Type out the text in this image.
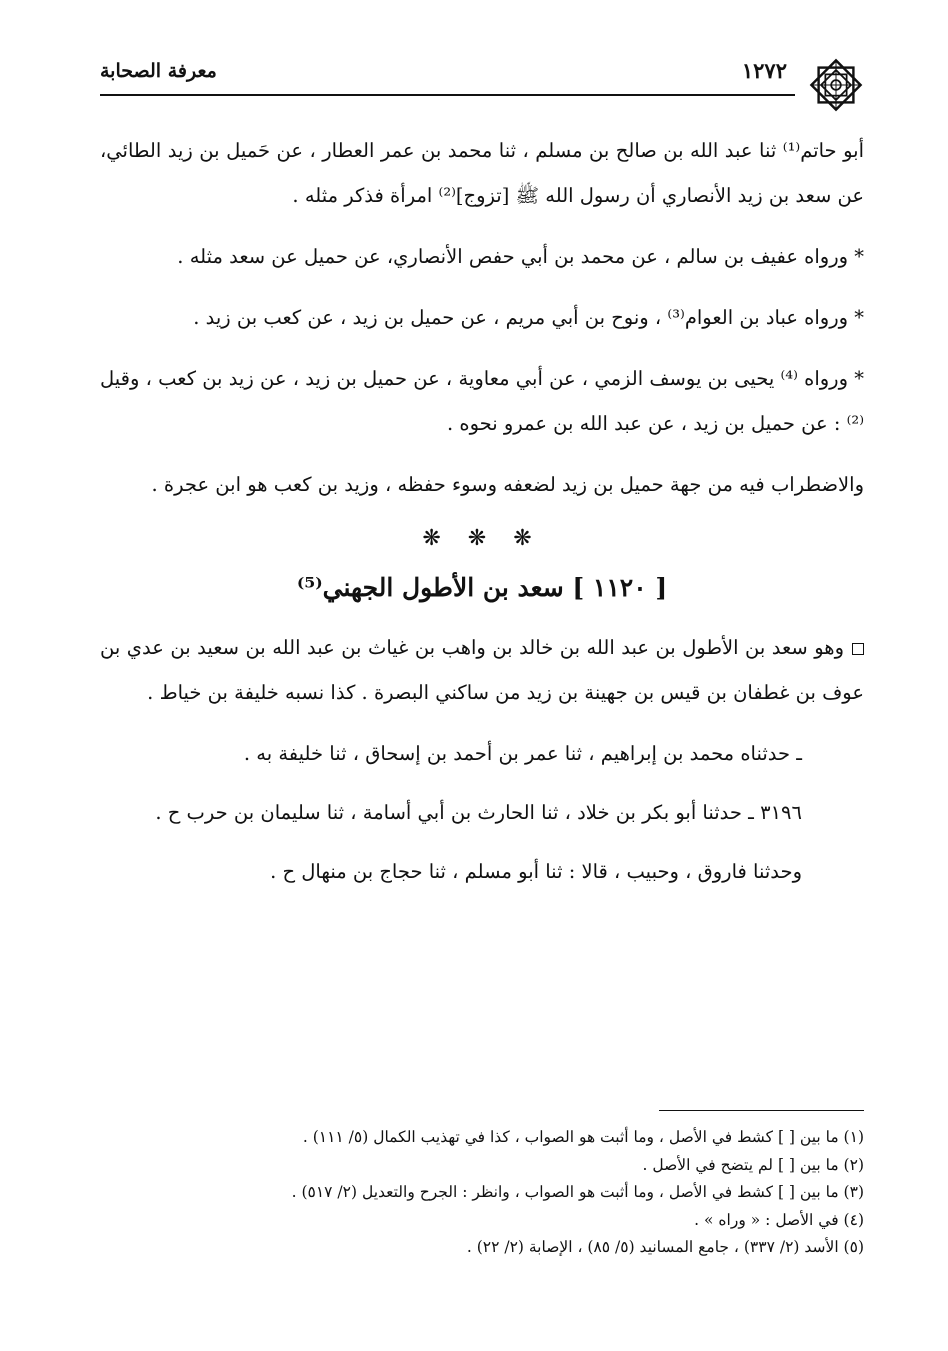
معرفة الصحابة	١٢٧٢

أبو حاتم⁽¹⁾ ثنا عبد الله بن صالح بن مسلم ، ثنا محمد بن عمر العطار ، عن حَميل بن زيد الطائي، عن سعد بن زيد الأنصاري أن رسول الله ﷺ [تزوج]⁽²⁾ امرأة فذكر مثله .

* ورواه عفيف بن سالم ، عن محمد بن أبي حفص الأنصاري، عن حميل عن سعد مثله .

* ورواه عباد بن العوام⁽³⁾ ، ونوح بن أبي مريم ، عن حميل بن زيد ، عن كعب بن زيد .

* ورواه ⁽⁴⁾ يحيى بن يوسف الزمي ، عن أبي معاوية ، عن حميل بن زيد ، عن زيد بن كعب ، وقيل ⁽²⁾ : عن حميل بن زيد ، عن عبد الله بن عمرو نحوه .

والاضطراب فيه من جهة حميل بن زيد لضعفه وسوء حفظه ، وزيد بن كعب هو ابن عجرة .

❋ ❋ ❋
[ ١١٢٠ ] سعد بن الأطول الجهني⁽⁵⁾

وهو سعد بن الأطول بن عبد الله بن خالد بن واهب بن غياث بن عبد الله بن سعيد بن عدي بن عوف بن غطفان بن قيس بن جهينة بن زيد من ساكني البصرة . كذا نسبه خليفة بن خياط .

ـ حدثناه محمد بن إبراهيم ، ثنا عمر بن أحمد بن إسحاق ، ثنا خليفة به .

٣١٩٦ ـ حدثنا أبو بكر بن خلاد ، ثنا الحارث بن أبي أسامة ، ثنا سليمان بن حرب ح .

وحدثنا فاروق ، وحبيب ، قالا : ثنا أبو مسلم ، ثنا حجاج بن منهال ح .

(١) ما بين [ ] كشط في الأصل ، وما أثبت هو الصواب ، كذا في تهذيب الكمال (٥/ ١١١) .
(٢) ما بين [ ] لم يتضح في الأصل .
(٣) ما بين [ ] كشط في الأصل ، وما أثبت هو الصواب ، وانظر : الجرح والتعديل (٢/ ٥١٧) .
(٤) في الأصل : « وراه » .
(٥) الأسد (٢/ ٣٣٧) ، جامع المسانيد (٥/ ٨٥) ، الإصابة (٢/ ٢٢) .
